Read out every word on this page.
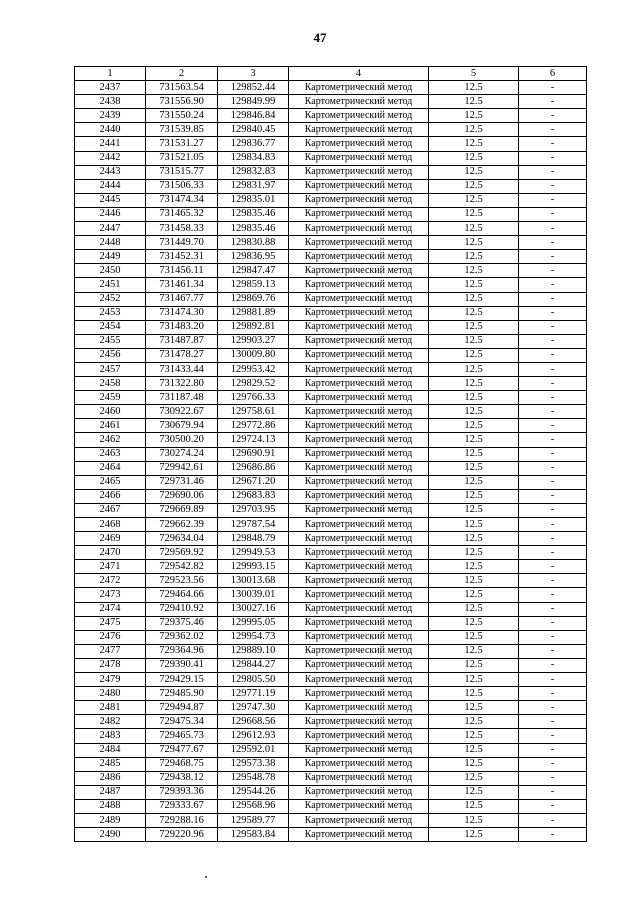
47
1	2	3	4	5	6
2437	731563.54	129852.44	Картометрический метод	12.5	-
2438	731556.90	129849.99	Картометрический метод	12.5	-
2439	731550.24	129846.84	Картометрический метод	12.5	-
2440	731539.85	129840.45	Картометрический метод	12.5	-
2441	731531.27	129836.77	Картометрический метод	12.5	-
2442	731521.05	129834.83	Картометрический метод	12.5	-
2443	731515.77	129832.83	Картометрический метод	12.5	-
2444	731506.33	129831.97	Картометрический метод	12.5	-
2445	731474.34	129835.01	Картометрический метод	12.5	-
2446	731465.32	129835.46	Картометрический метод	12.5	-
2447	731458.33	129835.46	Картометрический метод	12.5	-
2448	731449.70	129830.88	Картометрический метод	12.5	-
2449	731452.31	129836.95	Картометрический метод	12.5	-
2450	731456.11	129847.47	Картометрический метод	12.5	-
2451	731461.34	129859.13	Картометрический метод	12.5	-
2452	731467.77	129869.76	Картометрический метод	12.5	-
2453	731474.30	129881.89	Картометрический метод	12.5	-
2454	731483.20	129892.81	Картометрический метод	12.5	-
2455	731487.87	129903.27	Картометрический метод	12.5	-
2456	731478.27	130009.80	Картометрический метод	12.5	-
2457	731433.44	129953.42	Картометрический метод	12.5	-
2458	731322.80	129829.52	Картометрический метод	12.5	-
2459	731187.48	129766.33	Картометрический метод	12.5	-
2460	730922.67	129758.61	Картометрический метод	12.5	-
2461	730679.94	129772.86	Картометрический метод	12.5	-
2462	730500.20	129724.13	Картометрический метод	12.5	-
2463	730274.24	129690.91	Картометрический метод	12.5	-
2464	729942.61	129686.86	Картометрический метод	12.5	-
2465	729731.46	129671.20	Картометрический метод	12.5	-
2466	729690.06	129683.83	Картометрический метод	12.5	-
2467	729669.89	129703.95	Картометрический метод	12.5	-
2468	729662.39	129787.54	Картометрический метод	12.5	-
2469	729634.04	129848.79	Картометрический метод	12.5	-
2470	729569.92	129949.53	Картометрический метод	12.5	-
2471	729542.82	129993.15	Картометрический метод	12.5	-
2472	729523.56	130013.68	Картометрический метод	12.5	-
2473	729464.66	130039.01	Картометрический метод	12.5	-
2474	729410.92	130027.16	Картометрический метод	12.5	-
2475	729375.46	129995.05	Картометрический метод	12.5	-
2476	729362.02	129954.73	Картометрический метод	12.5	-
2477	729364.96	129889.10	Картометрический метод	12.5	-
2478	729390.41	129844.27	Картометрический метод	12.5	-
2479	729429.15	129805.50	Картометрический метод	12.5	-
2480	729485.90	129771.19	Картометрический метод	12.5	-
2481	729494.87	129747.30	Картометрический метод	12.5	-
2482	729475.34	129668.56	Картометрический метод	12.5	-
2483	729465.73	129612.93	Картометрический метод	12.5	-
2484	729477.67	129592.01	Картометрический метод	12.5	-
2485	729468.75	129573.38	Картометрический метод	12.5	-
2486	729438.12	129548.78	Картометрический метод	12.5	-
2487	729393.36	129544.26	Картометрический метод	12.5	-
2488	729333.67	129568.96	Картометрический метод	12.5	-
2489	729288.16	129589.77	Картометрический метод	12.5	-
2490	729220.96	129583.84	Картометрический метод	12.5	-
